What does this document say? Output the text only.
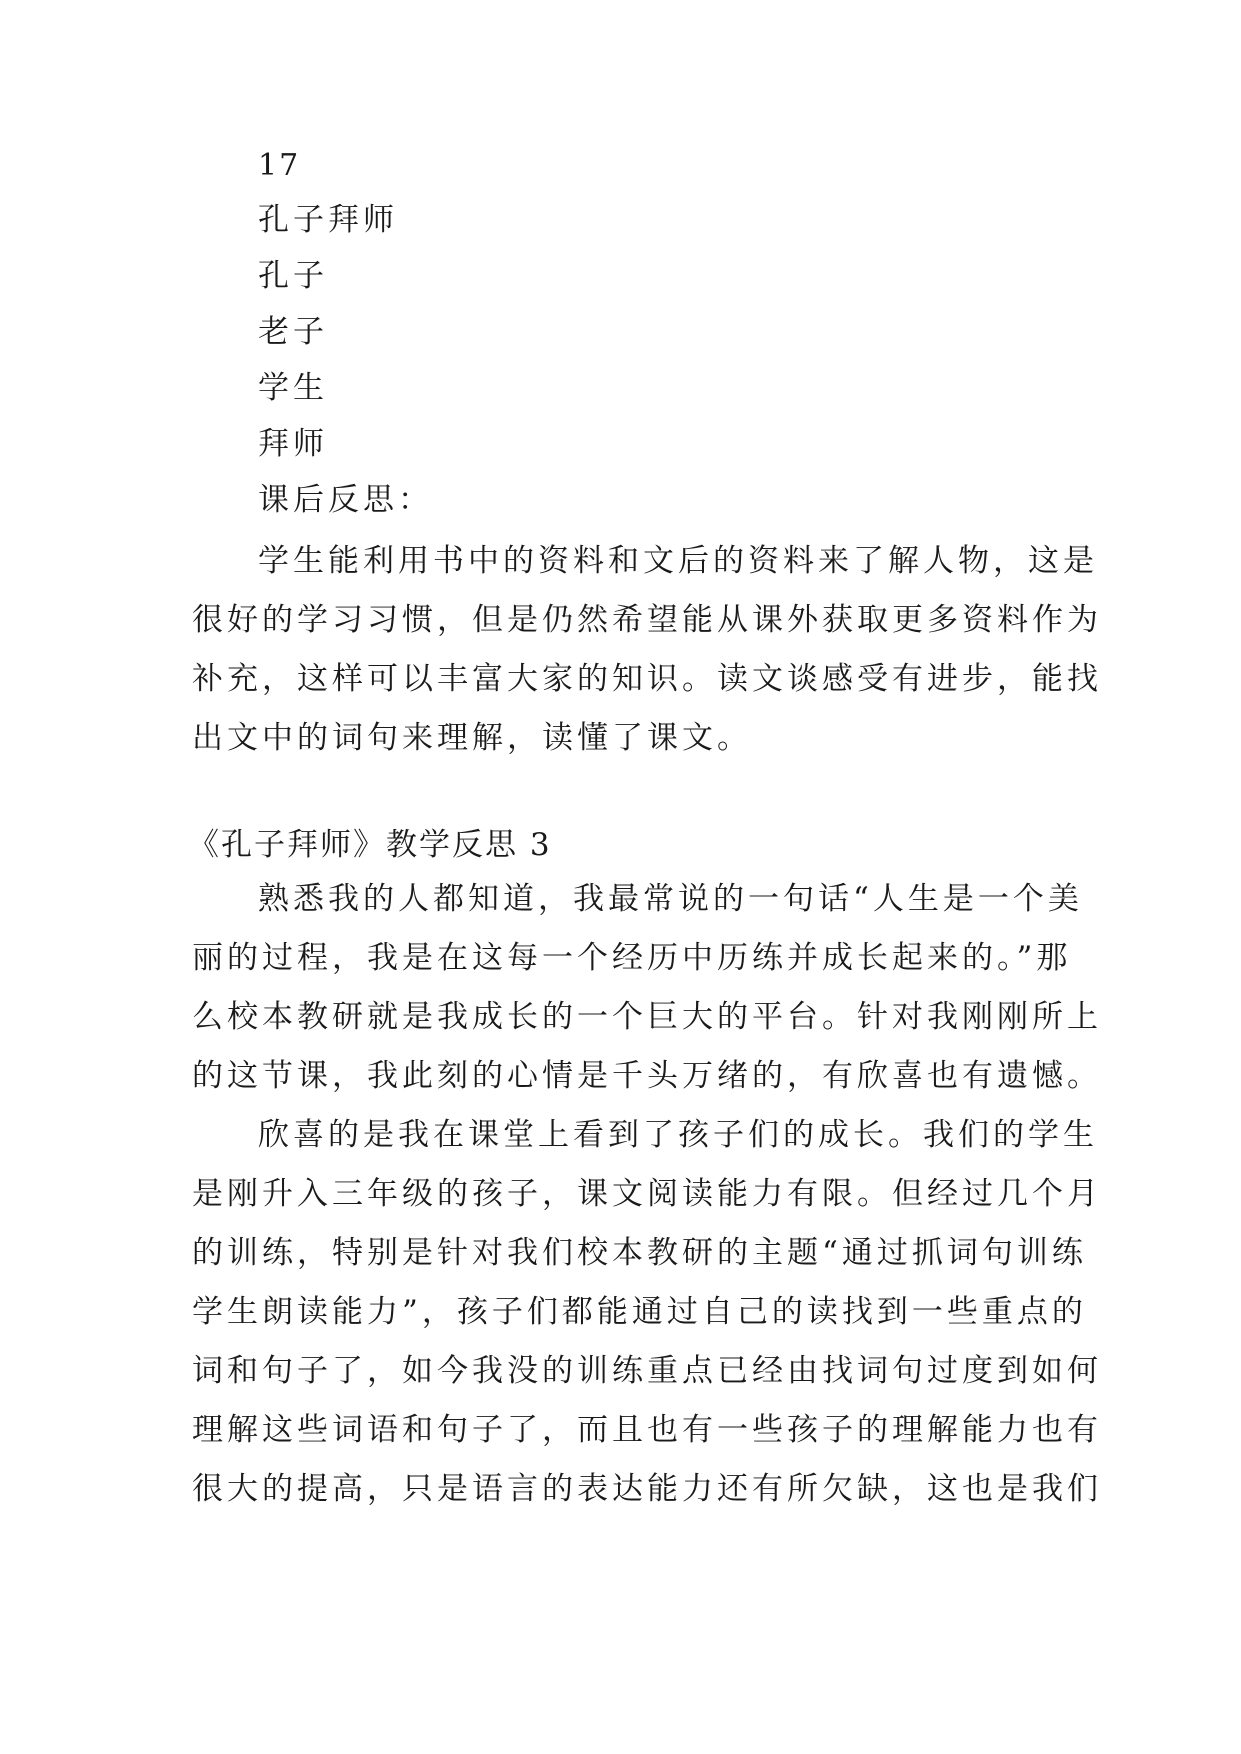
17
孔子拜师
孔子
老子
学生
拜师
课后反思：
学生能利用书中的资料和文后的资料来了解人物，这是
很好的学习习惯，但是仍然希望能从课外获取更多资料作为
补充，这样可以丰富大家的知识。读文谈感受有进步，能找
出文中的词句来理解，读懂了课文。
《孔子拜师》教学反思 3
熟悉我的人都知道，我最常说的一句话“人生是一个美
丽的过程，我是在这每一个经历中历练并成长起来的。”那
么校本教研就是我成长的一个巨大的平台。针对我刚刚所上
的这节课，我此刻的心情是千头万绪的，有欣喜也有遗憾。
欣喜的是我在课堂上看到了孩子们的成长。我们的学生
是刚升入三年级的孩子，课文阅读能力有限。但经过几个月
的训练，特别是针对我们校本教研的主题“通过抓词句训练
学生朗读能力”，孩子们都能通过自己的读找到一些重点的
词和句子了，如今我没的训练重点已经由找词句过度到如何
理解这些词语和句子了，而且也有一些孩子的理解能力也有
很大的提高，只是语言的表达能力还有所欠缺，这也是我们
